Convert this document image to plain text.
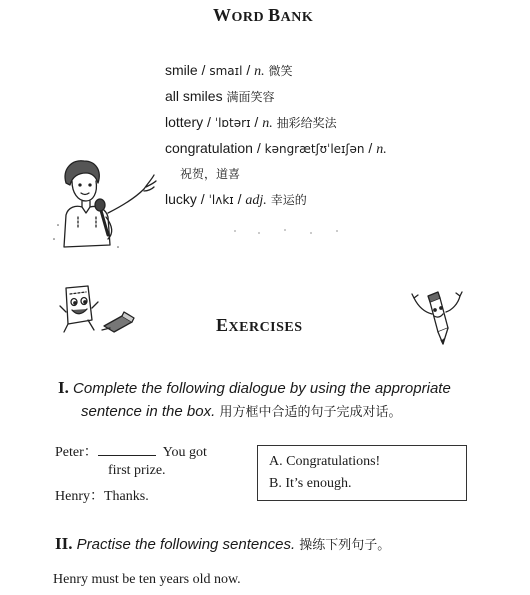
WORD BANK
smile / smaɪl / n. 微笑
all smiles 满面笑容
lottery / ˈlɒtərɪ / n. 抽彩给奖法
congratulation / kəngrætʃʊˈleɪʃən / n.
祝贺，道喜
lucky / ˈlʌkɪ / adj. 幸运的
EXERCISES
I. Complete the following dialogue by using the appropriate
sentence in the box. 用方框中合适的句子完成对话。
Peter：	You got
first prize.
Henry：Thanks.
A. Congratulations!
B. It’s enough.
II. Practise the following sentences. 操练下列句子。
Henry must be ten years old now.
